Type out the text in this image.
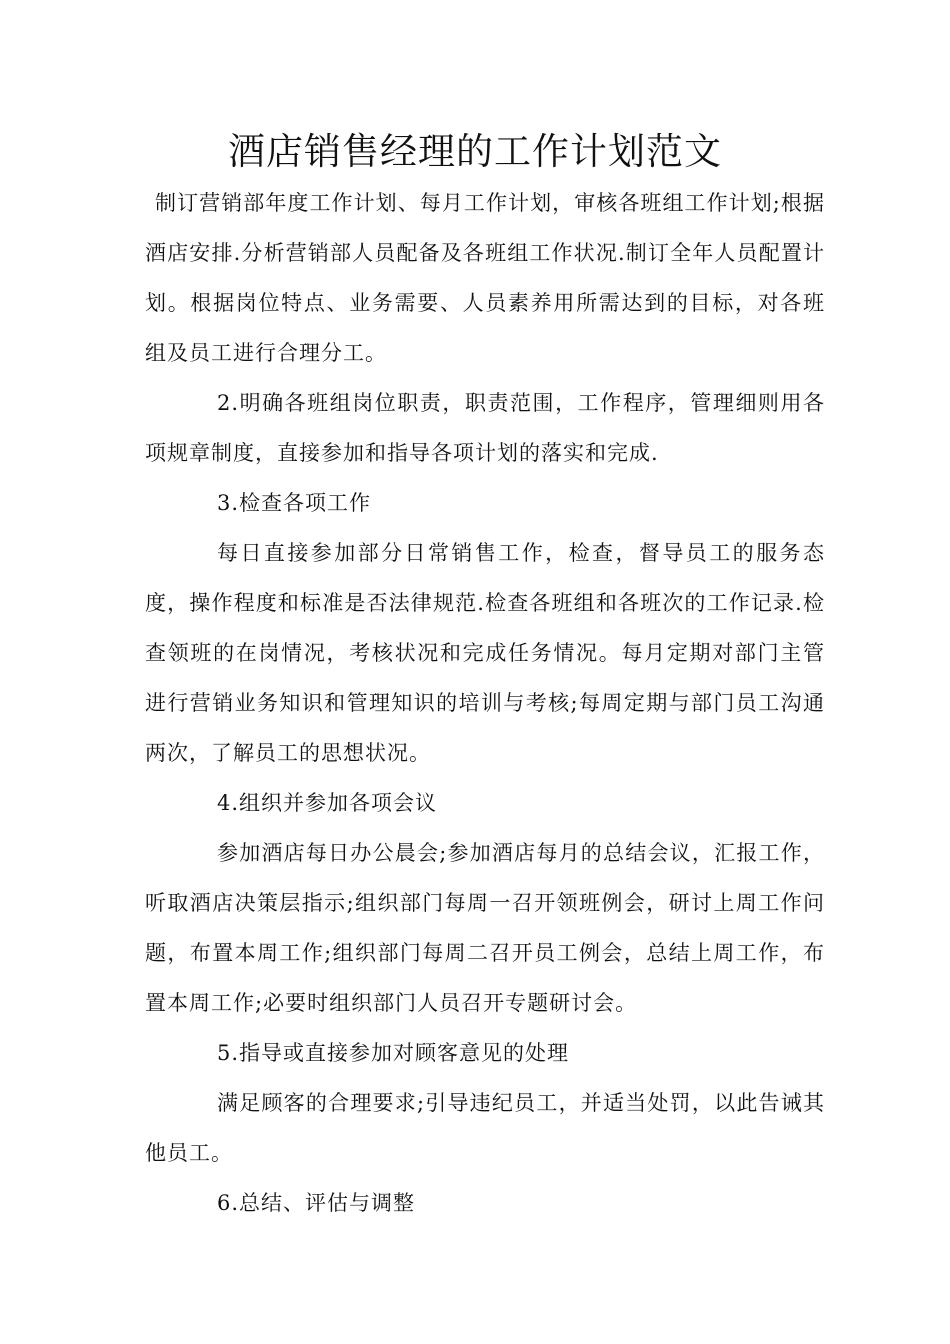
酒店销售经理的工作计划范文

制订营销部年度工作计划、每月工作计划，审核各班组工作计划;根据酒店安排.分析营销部人员配备及各班组工作状况.制订全年人员配置计划。根据岗位特点、业务需要、人员素养用所需达到的目标，对各班组及员工进行合理分工。

2.明确各班组岗位职责，职责范围，工作程序，管理细则用各项规章制度，直接参加和指导各项计划的落实和完成.

3.检查各项工作

每日直接参加部分日常销售工作，检查，督导员工的服务态度，操作程度和标准是否法律规范.检查各班组和各班次的工作记录.检查领班的在岗情况，考核状况和完成任务情况。每月定期对部门主管进行营销业务知识和管理知识的培训与考核;每周定期与部门员工沟通两次，了解员工的思想状况。

4.组织并参加各项会议

参加酒店每日办公晨会;参加酒店每月的总结会议，汇报工作，听取酒店决策层指示;组织部门每周一召开领班例会，研讨上周工作问题，布置本周工作;组织部门每周二召开员工例会，总结上周工作，布置本周工作;必要时组织部门人员召开专题研讨会。

5.指导或直接参加对顾客意见的处理

满足顾客的合理要求;引导违纪员工，并适当处罚，以此告诫其他员工。

6.总结、评估与调整
